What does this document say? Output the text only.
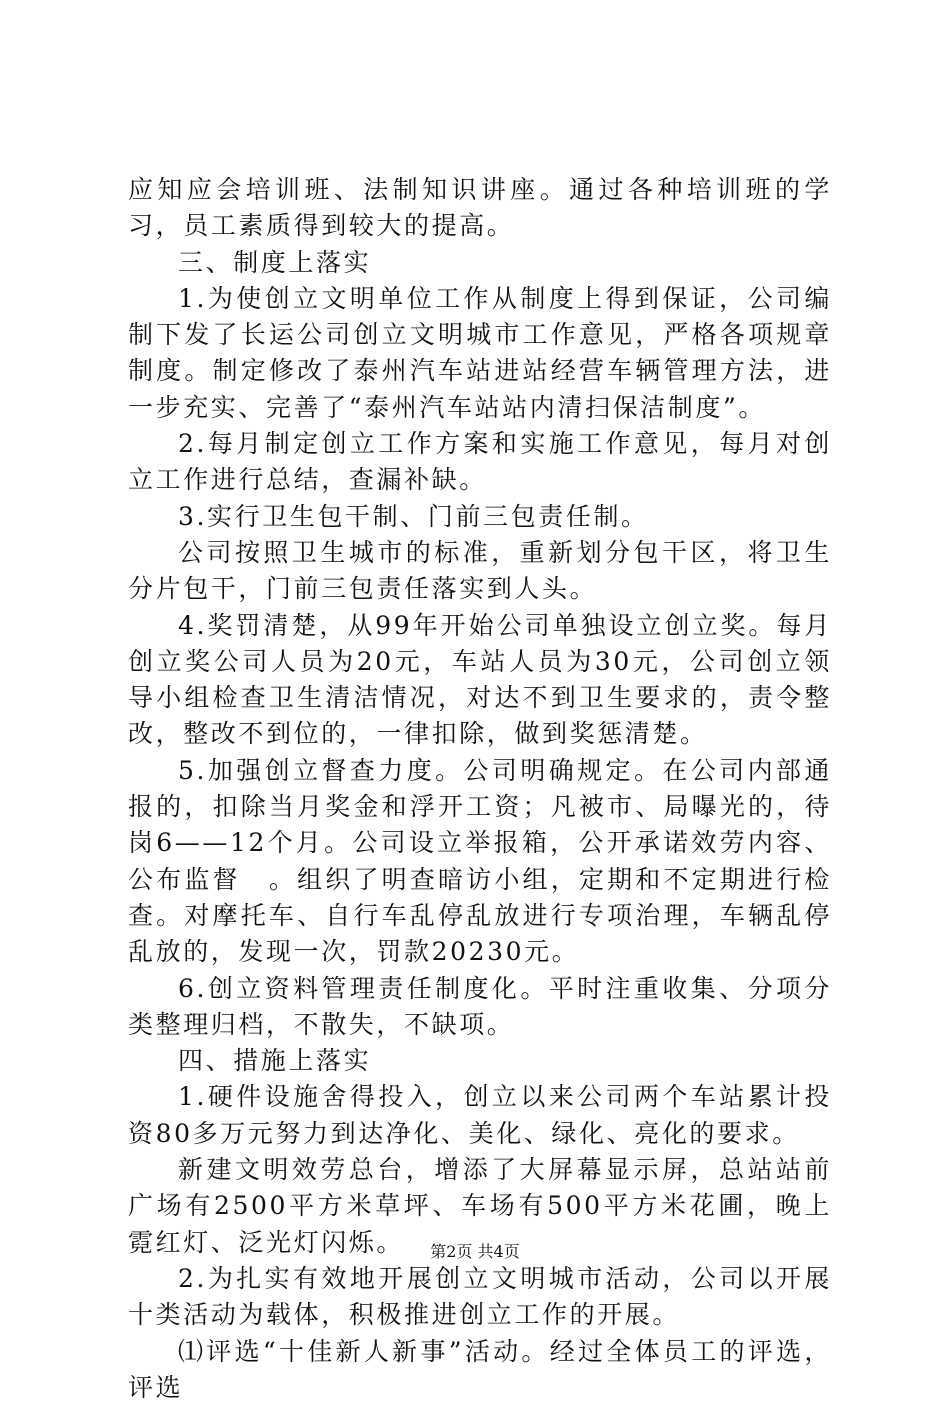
应知应会培训班、法制知识讲座。通过各种培训班的学习，员工素质得到较大的提高。

三、制度上落实

1.为使创立文明单位工作从制度上得到保证，公司编制下发了长运公司创立文明城市工作意见，严格各项规章制度。制定修改了泰州汽车站进站经营车辆管理方法，进一步充实、完善了“泰州汽车站站内清扫保洁制度”。

2.每月制定创立工作方案和实施工作意见，每月对创立工作进行总结，查漏补缺。

3.实行卫生包干制、门前三包责任制。

公司按照卫生城市的标准，重新划分包干区，将卫生分片包干，门前三包责任落实到人头。

4.奖罚清楚，从99年开始公司单独设立创立奖。每月创立奖公司人员为20元，车站人员为30元，公司创立领导小组检查卫生清洁情况，对达不到卫生要求的，责令整改，整改不到位的，一律扣除，做到奖惩清楚。

5.加强创立督查力度。公司明确规定。在公司内部通报的，扣除当月奖金和浮开工资；凡被市、局曝光的，待岗6——12个月。公司设立举报箱，公开承诺效劳内容、公布监督　。组织了明查暗访小组，定期和不定期进行检查。对摩托车、自行车乱停乱放进行专项治理，车辆乱停乱放的，发现一次，罚款20230元。

6.创立资料管理责任制度化。平时注重收集、分项分类整理归档，不散失，不缺项。

四、措施上落实

1.硬件设施舍得投入，创立以来公司两个车站累计投资80多万元努力到达净化、美化、绿化、亮化的要求。

新建文明效劳总台，增添了大屏幕显示屏，总站站前广场有2500平方米草坪、车场有500平方米花圃，晚上霓红灯、泛光灯闪烁。

2.为扎实有效地开展创立文明城市活动，公司以开展十类活动为载体，积极推进创立工作的开展。

⑴评选“十佳新人新事”活动。经过全体员工的评选，评选

第2页 共4页
